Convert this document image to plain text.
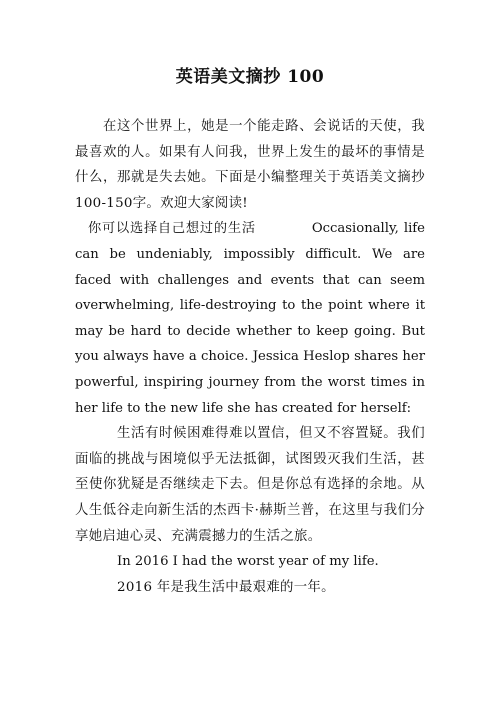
英语美文摘抄 100

在这个世界上，她是一个能走路、会说话的天使，我最喜欢的人。如果有人问我，世界上发生的最坏的事情是什么，那就是失去她。下面是小编整理关于英语美文摘抄100-150字。欢迎大家阅读!

你可以选择自己想过的生活	Occasionally, life can be undeniably, impossibly difficult. We are faced with challenges and events that can seem overwhelming, life-destroying to the point where it may be hard to decide whether to keep going. But you always have a choice. Jessica Heslop shares her powerful, inspiring journey from the worst times in her life to the new life she has created for herself:

生活有时候困难得难以置信，但又不容置疑。我们面临的挑战与困境似乎无法抵御，试图毁灭我们生活，甚至使你犹疑是否继续走下去。但是你总有选择的余地。从人生低谷走向新生活的杰西卡·赫斯兰普，在这里与我们分享她启迪心灵、充满震撼力的生活之旅。

In 2016 I had the worst year of my life.

2016 年是我生活中最艰难的一年。
